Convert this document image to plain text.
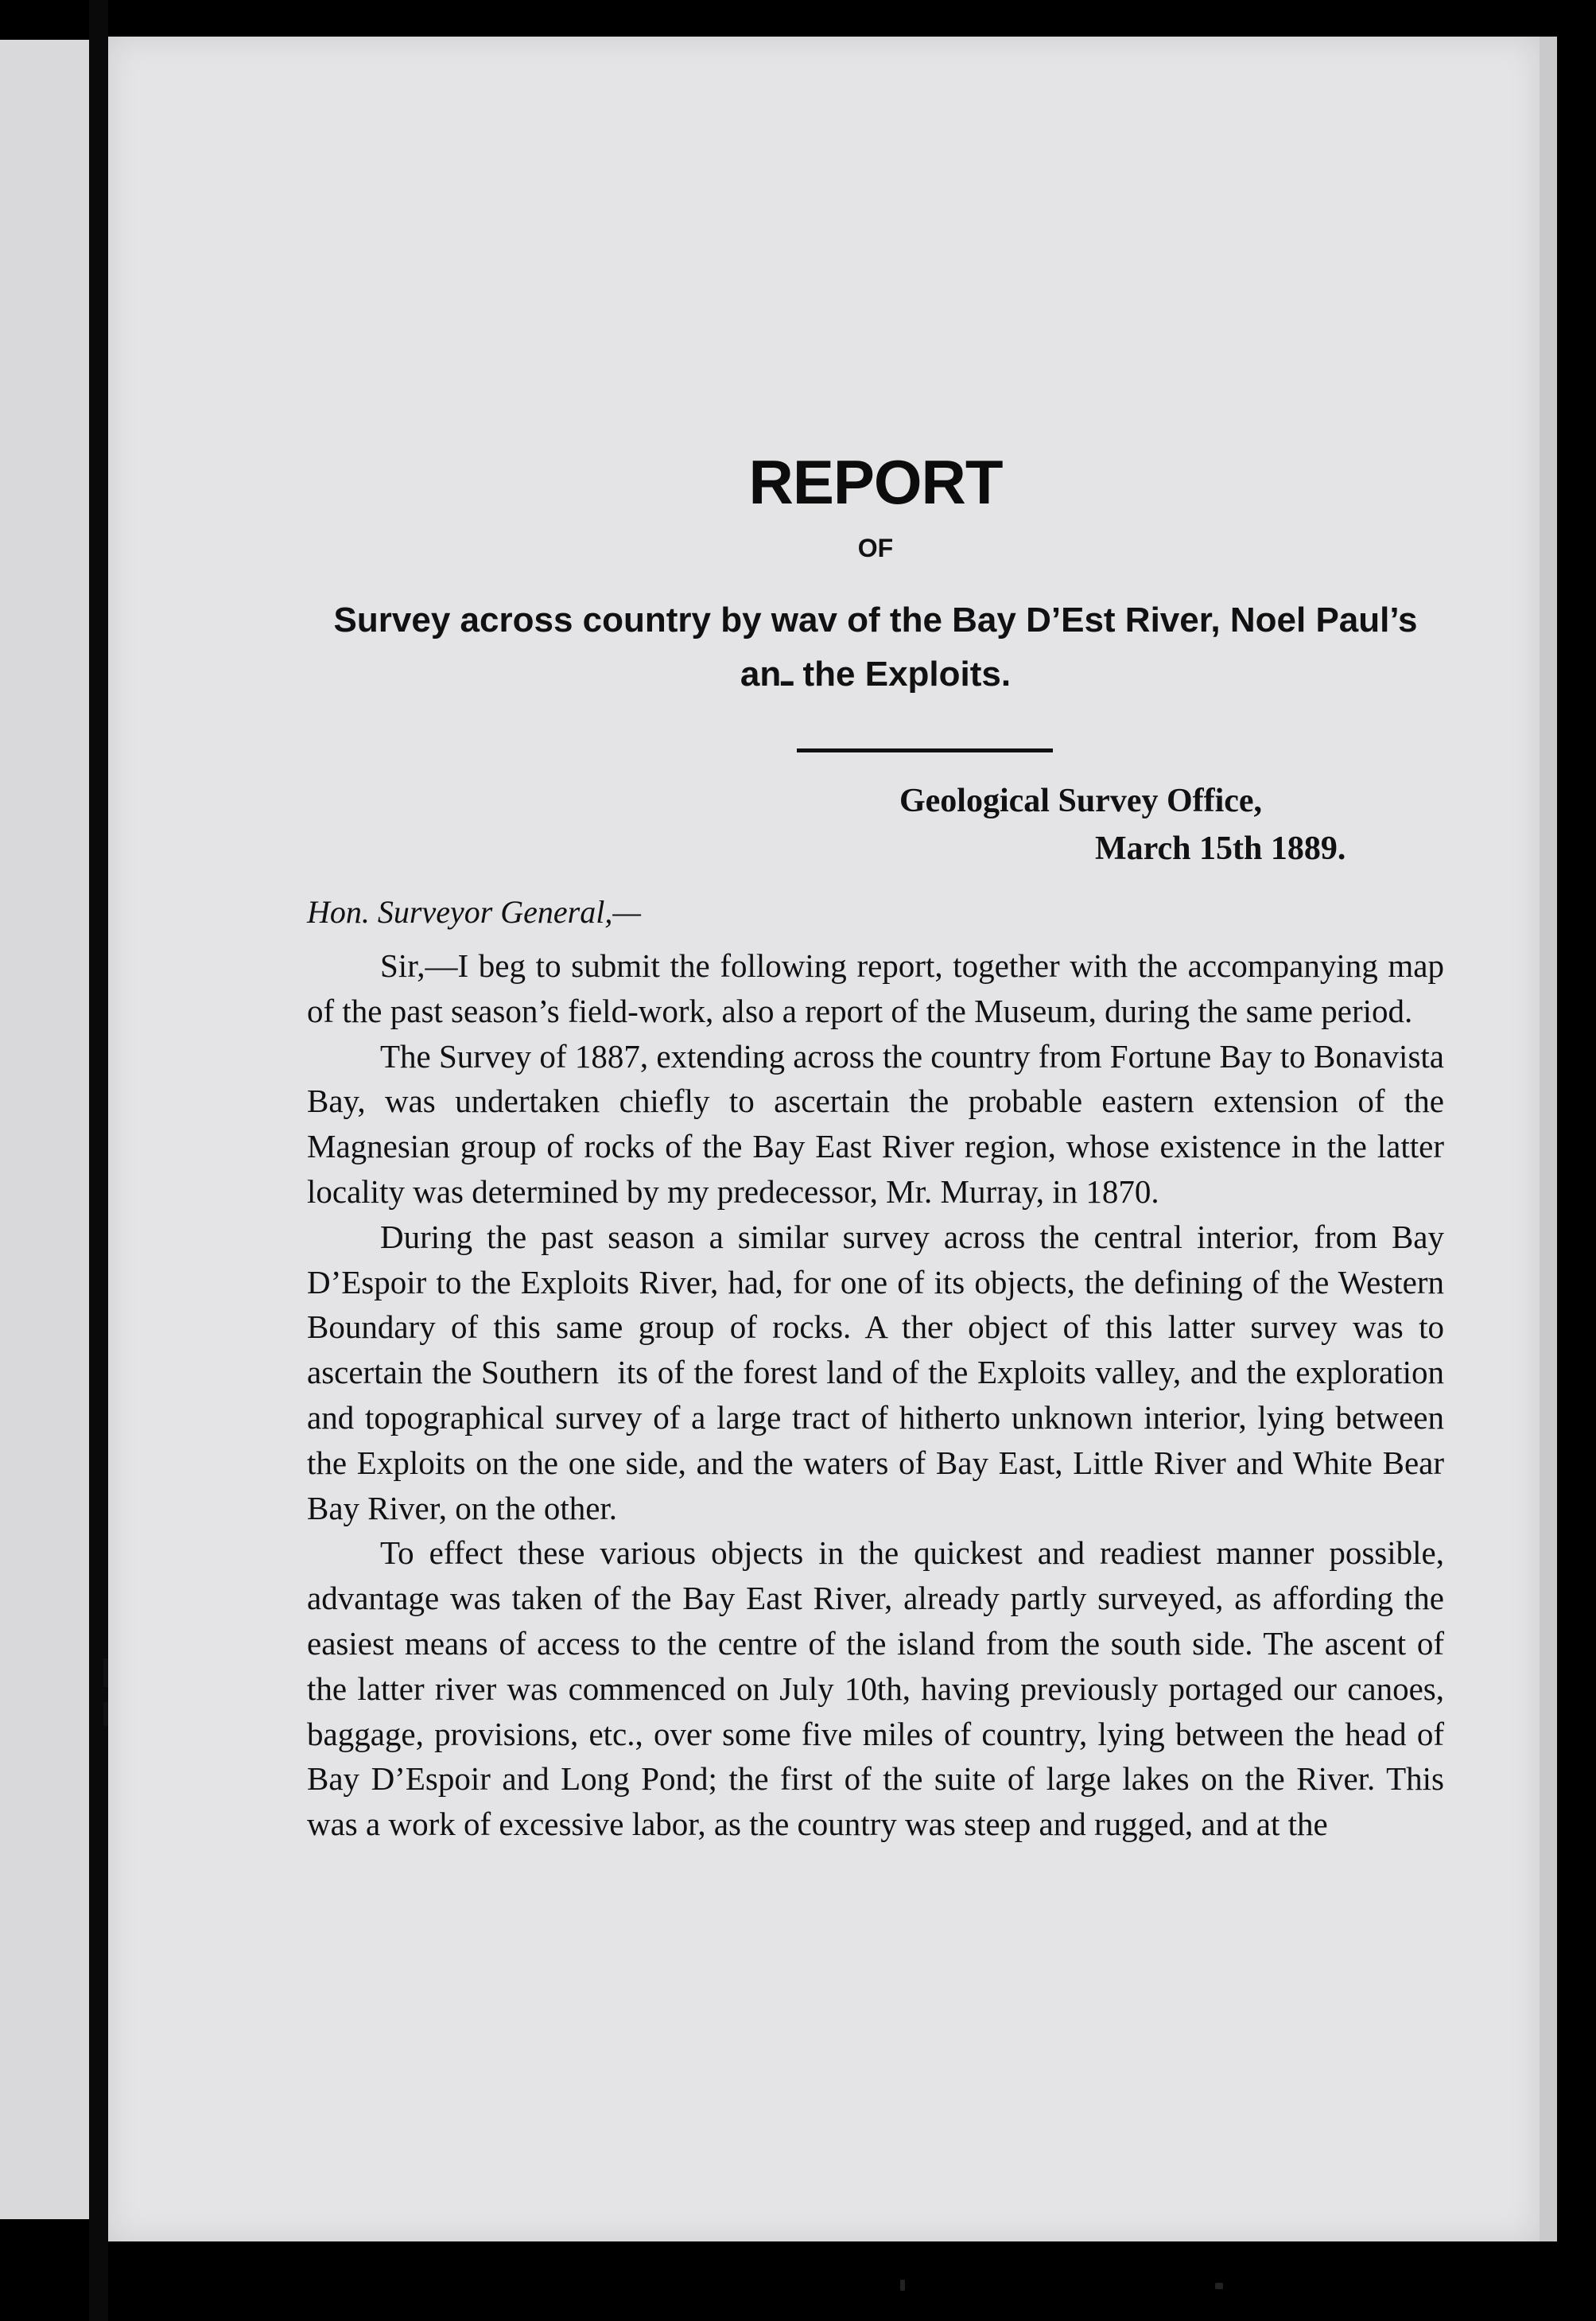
REPORT
OF
Survey across country by wav of the Bay D’Est River, Noel Paul’s anـ the Exploits.
Geological Survey Office,
March 15th 1889.
Hon. Surveyor General,—

Sir,—I beg to submit the following report, together with the accompanying map of the past season’s field-work, also a report of the Museum, during the same period.

The Survey of 1887, extending across the country from Fortune Bay to Bonavista Bay, was undertaken chiefly to ascertain the probable eastern extension of the Magnesian group of rocks of the Bay East River region, whose existence in the latter locality was determined by my predecessor, Mr. Murray, in 1870.

During the past season a similar survey across the central interior, from Bay D’Espoir to the Exploits River, had, for one of its objects, the defining of the Western Boundary of this same group of rocks. A‍ ‍ther object of this latter survey was to ascertain the Southern ‍ ‍its of the forest land of the Exploits valley, and the exploration and topographical survey of a large tract of hitherto unknown interior, lying between the Exploits on the one side, and the waters of Bay East, Little River and White Bear Bay River, on the other.

To effect these various objects in the quickest and readiest manner possible, advantage was taken of the Bay East River, already partly surveyed, as affording the easiest means of access to the centre of the island from the south side. The ascent of the latter river was commenced on July 10th, having previously portaged our canoes, baggage, provisions, etc., over some five miles of country, lying between the head of Bay D’Espoir and Long Pond; the first of the suite of large lakes on the River. This was a work of excessive labor, as the country was steep and rugged, and at the
